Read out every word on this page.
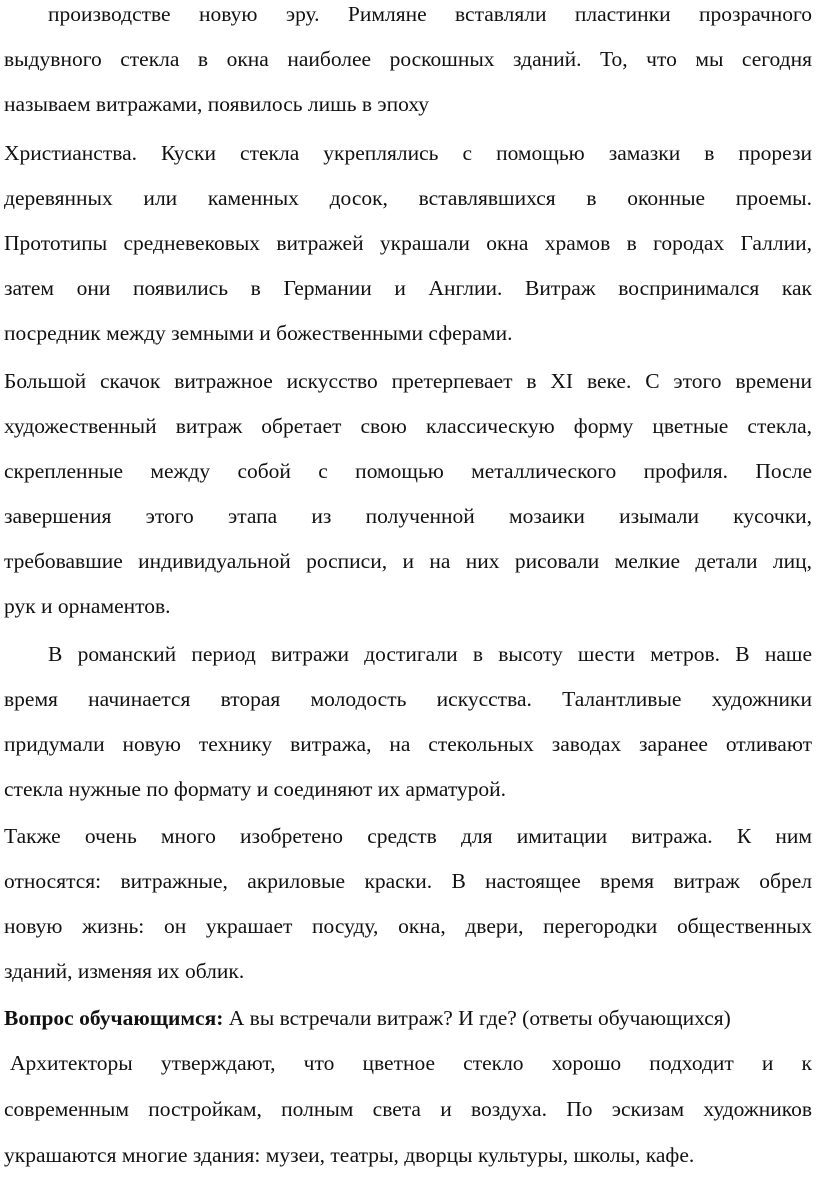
производстве новую эру. Римляне вставляли пластинки прозрачного

выдувного стекла в окна наиболее роскошных зданий. То, что мы сегодня

называем витражами, появилось лишь в эпоху

Христианства. Куски стекла укреплялись с помощью замазки в прорези

деревянных или каменных досок, вставлявшихся в оконные проемы.

Прототипы средневековых витражей украшали окна храмов в городах Галлии,

затем они появились в Германии и Англии. Витраж воспринимался как

посредник между земными и божественными сферами.

Большой скачок витражное искусство претерпевает в XI веке. С этого времени

художественный витраж обретает свою классическую форму цветные стекла,

скрепленные между собой с помощью металлического профиля. После

завершения этого этапа из полученной мозаики изымали кусочки,

требовавшие индивидуальной росписи, и на них рисовали мелкие детали лиц,

рук и орнаментов.

В романский период витражи достигали в высоту шести метров. В наше

время начинается вторая молодость искусства. Талантливые художники

придумали новую технику витража, на стекольных заводах заранее отливают

стекла нужные по формату и соединяют их арматурой.

Также очень много изобретено средств для имитации витража. К ним

относятся: витражные, акриловые краски. В настоящее время витраж обрел

новую жизнь: он украшает посуду, окна, двери, перегородки общественных

зданий, изменяя их облик.

Вопрос обучающимся: А вы встречали витраж? И где? (ответы обучающихся)

Архитекторы утверждают, что цветное стекло хорошо подходит и к

современным постройкам, полным света и воздуха. По эскизам художников

украшаются многие здания: музеи, театры, дворцы культуры, школы, кафе.
